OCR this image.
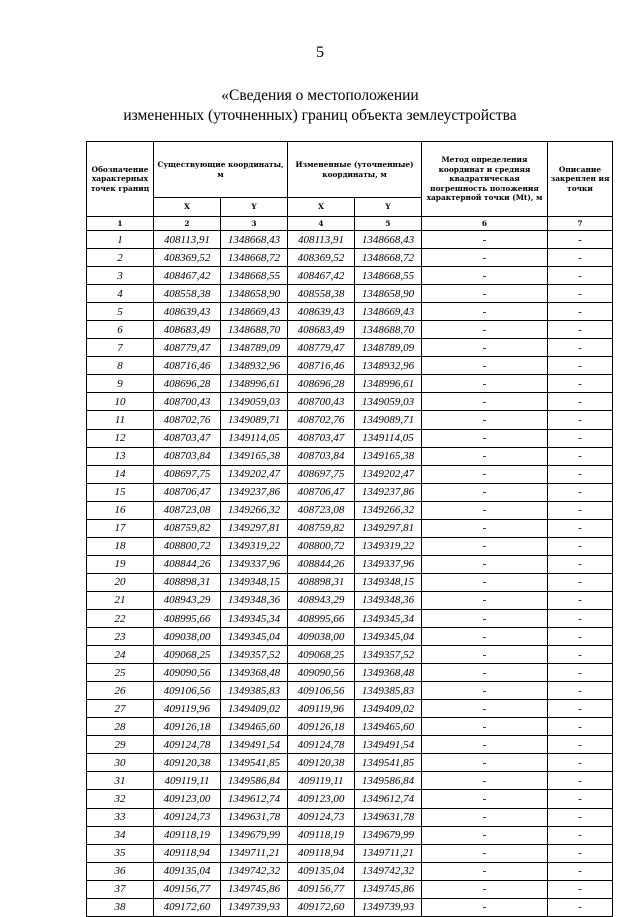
5
«Сведения о местоположении
измененных (уточненных) границ объекта землеустройства
Обозначение характерных точек границ	Существующие координаты, м		Измененные (уточненные) координаты, м		Метод определения координат и средняя квадратическая погрешность положения характерной точки (Мt), м	Описание закреплен ия точки
	X	Y	X	Y		
1	2	3	4	5	6	7
1	408113,91	1348668,43	408113,91	1348668,43	-	-
2	408369,52	1348668,72	408369,52	1348668,72	-	-
3	408467,42	1348668,55	408467,42	1348668,55	-	-
4	408558,38	1348658,90	408558,38	1348658,90	-	-
5	408639,43	1348669,43	408639,43	1348669,43	-	-
6	408683,49	1348688,70	408683,49	1348688,70	-	-
7	408779,47	1348789,09	408779,47	1348789,09	-	-
8	408716,46	1348932,96	408716,46	1348932,96	-	-
9	408696,28	1348996,61	408696,28	1348996,61	-	-
10	408700,43	1349059,03	408700,43	1349059,03	-	-
11	408702,76	1349089,71	408702,76	1349089,71	-	-
12	408703,47	1349114,05	408703,47	1349114,05	-	-
13	408703,84	1349165,38	408703,84	1349165,38	-	-
14	408697,75	1349202,47	408697,75	1349202,47	-	-
15	408706,47	1349237,86	408706,47	1349237,86	-	-
16	408723,08	1349266,32	408723,08	1349266,32	-	-
17	408759,82	1349297,81	408759,82	1349297,81	-	-
18	408800,72	1349319,22	408800,72	1349319,22	-	-
19	408844,26	1349337,96	408844,26	1349337,96	-	-
20	408898,31	1349348,15	408898,31	1349348,15	-	-
21	408943,29	1349348,36	408943,29	1349348,36	-	-
22	408995,66	1349345,34	408995,66	1349345,34	-	-
23	409038,00	1349345,04	409038,00	1349345,04	-	-
24	409068,25	1349357,52	409068,25	1349357,52	-	-
25	409090,56	1349368,48	409090,56	1349368,48	-	-
26	409106,56	1349385,83	409106,56	1349385,83	-	-
27	409119,96	1349409,02	409119,96	1349409,02	-	-
28	409126,18	1349465,60	409126,18	1349465,60	-	-
29	409124,78	1349491,54	409124,78	1349491,54	-	-
30	409120,38	1349541,85	409120,38	1349541,85	-	-
31	409119,11	1349586,84	409119,11	1349586,84	-	-
32	409123,00	1349612,74	409123,00	1349612,74	-	-
33	409124,73	1349631,78	409124,73	1349631,78	-	-
34	409118,19	1349679,99	409118,19	1349679,99	-	-
35	409118,94	1349711,21	409118,94	1349711,21	-	-
36	409135,04	1349742,32	409135,04	1349742,32	-	-
37	409156,77	1349745,86	409156,77	1349745,86	-	-
38	409172,60	1349739,93	409172,60	1349739,93	-	-
